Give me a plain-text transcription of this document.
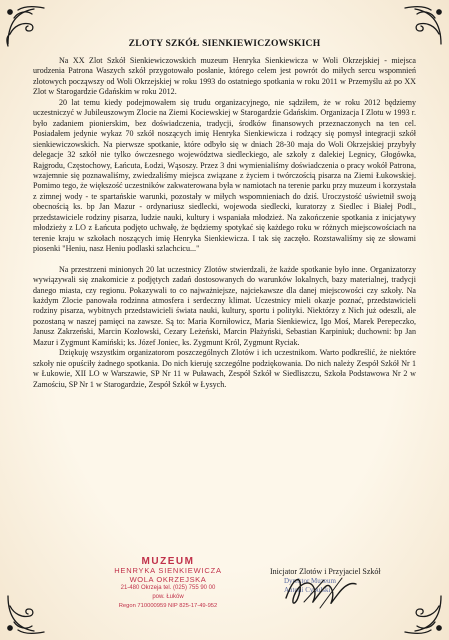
ZLOTY SZKÓŁ SIENKIEWICZOWSKICH

Na XX Zlot Szkół Sienkiewiczowskich muzeum Henryka Sienkiewicza w Woli Okrzejskiej - miejsca urodzenia Patrona Waszych szkół przygotowało posłanie, którego celem jest powrót do miłych sercu wspomnień zlotowych począwszy od Woli Okrzejskiej w roku 1993 do ostatniego spotkania w roku 2011 w Przemyślu aż po XX Zlot w Starogardzie Gdańskim w roku 2012.

20 lat temu kiedy podejmowałem się trudu organizacyjnego, nie sądziłem, że w roku 2012 będziemy uczestniczyć w Jubileuszowym Zlocie na Ziemi Kociewskiej w Starogardzie Gdańskim. Organizacja I Zlotu w 1993 r. było zadaniem pionierskim, bez doświadczenia, tradycji, środków finansowych przeznaczonych na ten cel. Posiadałem jedynie wykaz 70 szkół noszących imię Henryka Sienkiewicza i rodzący się pomysł integracji szkół sienkiewiczowskich. Na pierwsze spotkanie, które odbyło się w dniach 28-30 maja do Woli Okrzejskiej przybyły delegacje 32 szkół nie tylko ówczesnego województwa siedleckiego, ale szkoły z dalekiej Legnicy, Głogówka, Rajgrodu, Częstochowy, Łańcuta, Łodzi, Wąsoszy. Przez 3 dni wymienialiśmy doświadczenia o pracy wokół Patrona, wzajemnie się poznawaliśmy, zwiedzaliśmy miejsca związane z życiem i twórczością pisarza na Ziemi Łukowskiej. Pomimo tego, że większość uczestników zakwaterowana była w namiotach na terenie parku przy muzeum i korzystała z zimnej wody - te spartańskie warunki, pozostały w miłych wspomnieniach do dziś. Uroczystość uświetnił swoją obecnością ks. bp Jan Mazur - ordynariusz siedlecki, wojewoda siedlecki, kuratorzy z Siedlec i Białej Podl., przedstawiciele rodziny pisarza, ludzie nauki, kultury i wspaniała młodzież. Na zakończenie spotkania z inicjatywy młodzieży z LO z Łańcuta podjęto uchwałę, że będziemy spotykać się każdego roku w różnych miejscowościach na terenie kraju w szkołach noszących imię Henryka Sienkiewicza. I tak się zaczęło. Rozstawaliśmy się ze słowami piosenki "Heniu, nasz Heniu podlaski szlachcicu..."

Na przestrzeni minionych 20 lat uczestnicy Zlotów stwierdzali, że każde spotkanie było inne. Organizatorzy wywiązywali się znakomicie z podjętych zadań dostosowanych do warunków lokalnych, bazy materialnej, tradycji danego miasta, czy regionu. Pokazywali to co najważniejsze, najciekawsze dla danej miejscowości czy szkoły. Na każdym Zlocie panowała rodzinna atmosfera i serdeczny klimat. Uczestnicy mieli okazje poznać, przedstawicieli rodziny pisarza, wybitnych przedstawicieli świata nauki, kultury, sportu i polityki. Niektórzy z Nich już odeszli, ale pozostaną w naszej pamięci na zawsze. Są to: Maria Korniłowicz, Maria Sienkiewicz, Igo Moś, Marek Perepeczko, Janusz Zakrzeński, Marcin Kozłowski, Cezary Leżeński, Marcin Płażyński, Sebastian Karpiniuk; duchowni: bp Jan Mazur i Zygmunt Kamiński; ks. Józef Joniec, ks. Zygmunt Król, Zygmunt Ryciak.

Dziękuję wszystkim organizatorom poszczególnych Zlotów i ich uczestnikom. Warto podkreślić, że niektóre szkoły nie opuściły żadnego spotkania. Do nich kieruję szczególne podziękowania. Do nich należy Zespół Szkół Nr 1 w Łukowie, XII LO w Warszawie, SP Nr 11 w Puławach, Zespół Szkół w Siedliszczu, Szkoła Podstawowa Nr 2 w Zamościu, SP Nr 1 w Starogardzie, Zespół Szkół w Łysych.

MUZEUM
HENRYKA SIENKIEWICZA
WOLA OKRZEJSKA
21-480 Okrzeja tel. (025) 755 90 00
pow. Łuków
Regon 710000959 NIP 825-17-49-952
Inicjator Zlotów i Przyjaciel Szkół
Dyrektor Muzeum
Antoni Cybulski
